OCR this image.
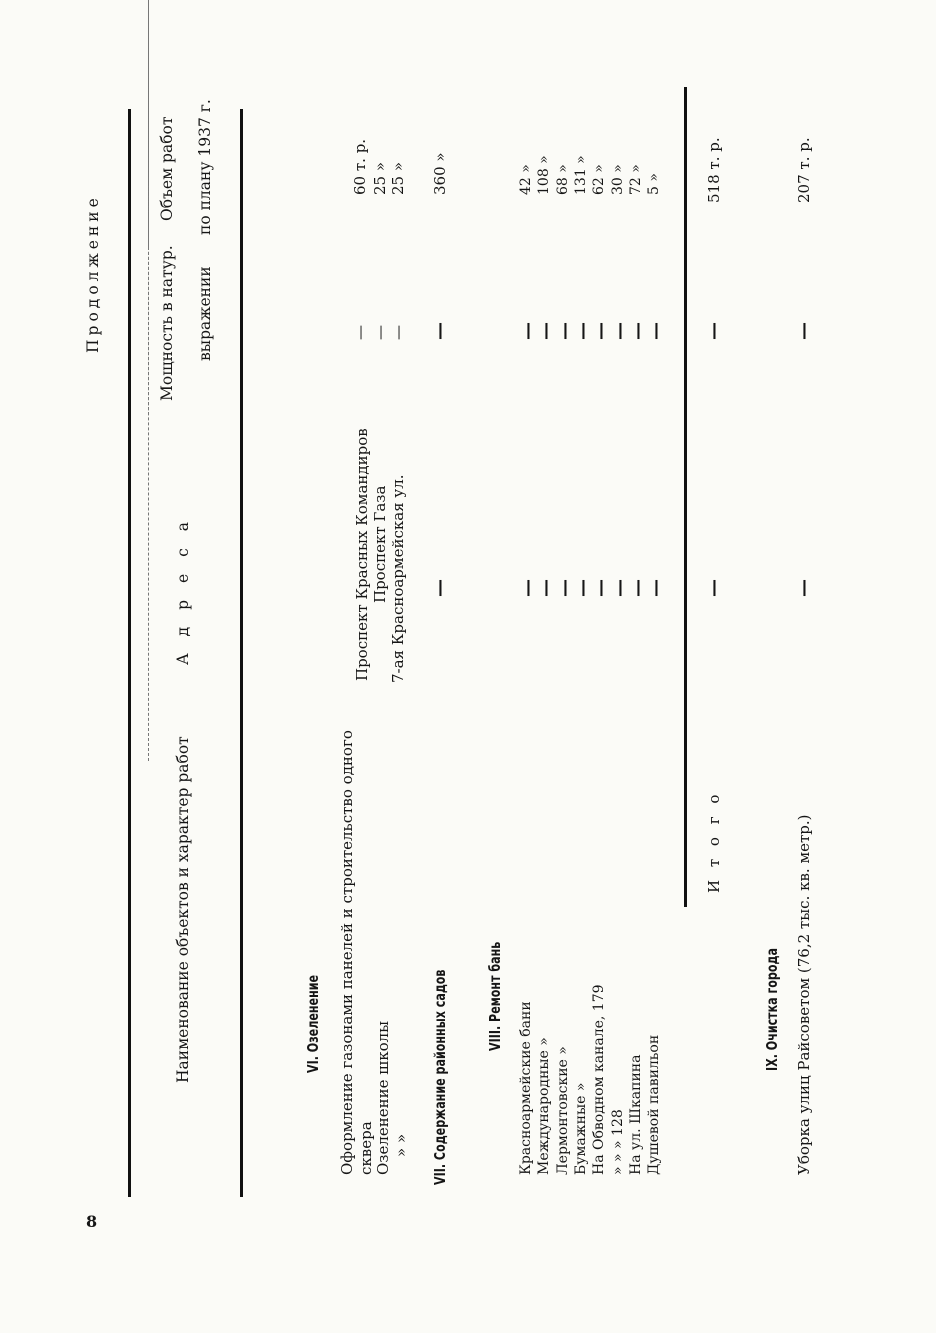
8
Продолжение
Наименование объектов и характер работ
А д р е с а
Мощность в натур. выражении
Объем работ по плану 1937 г.
VI. Озеленение Оформление газонами панелей и строительство одного сквера
Проспект Красных Командиров
—
60 т. р.
Озеленение школы
Проспект Газа
—
25 »
» »
7-ая Красноармейская ул.
—
25 »
VII. Содержание районных садов
—
—
360 »
VIII. Ремонт бань
Красноармейские бани
—
—
42 »
Международные »
—
—
108 »
Лермонтовские »
—
—
68 »
Бумажные »
—
—
131 »
На Обводном канале, 179
—
—
62 »
» » » 128
—
—
30 »
На ул. Шкапина
—
—
72 »
Душевой павильон
—
—
5 »
И т о г о
—
—
518 т. р.
IX. Очистка города Уборка улиц Райсоветом (76,2 тыс. кв. метр.)
—
—
207 т. р.
